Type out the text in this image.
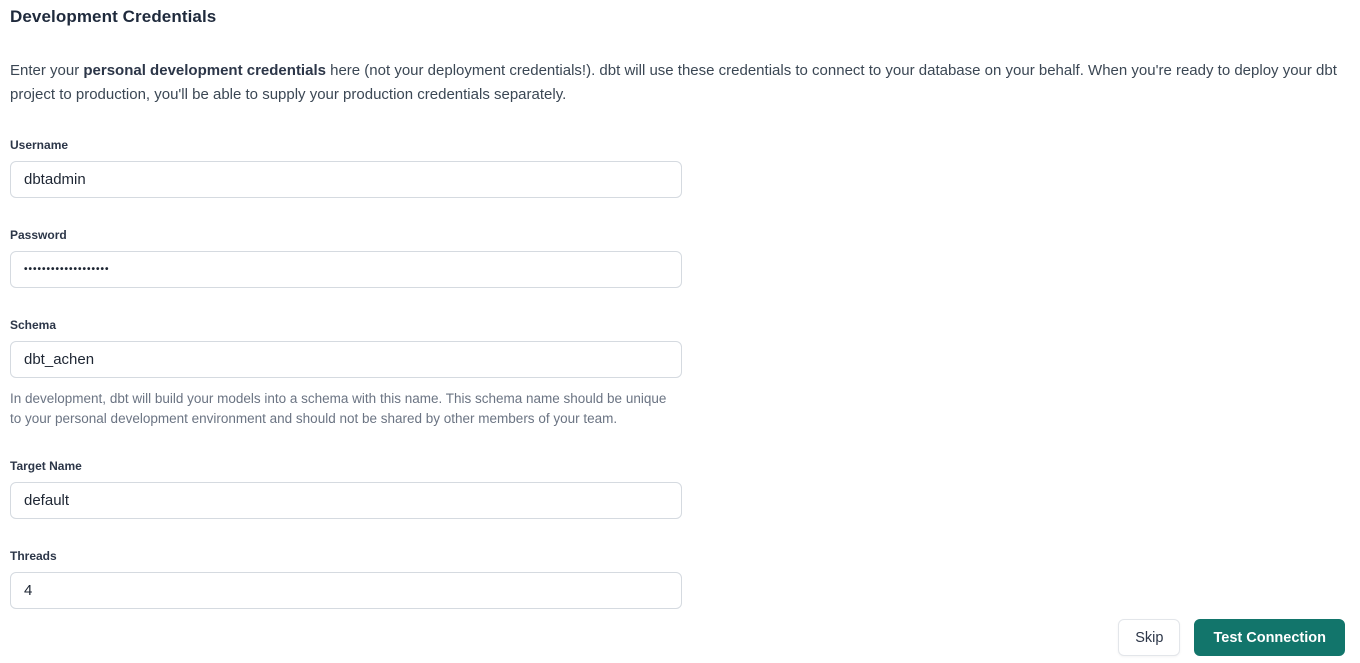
Development Credentials

Enter your personal development credentials here (not your deployment credentials!). dbt will use these credentials to connect to your database on your behalf. When you're ready to deploy your dbt project to production, you'll be able to supply your production credentials separately.

Username
dbtadmin
Password
•••••••••••••••••••
Schema
dbt_achen

In development, dbt will build your models into a schema with this name. This schema name should be unique to your personal development environment and should not be shared by other members of your team.

Target Name
default
Threads
4
Skip	Test Connection
